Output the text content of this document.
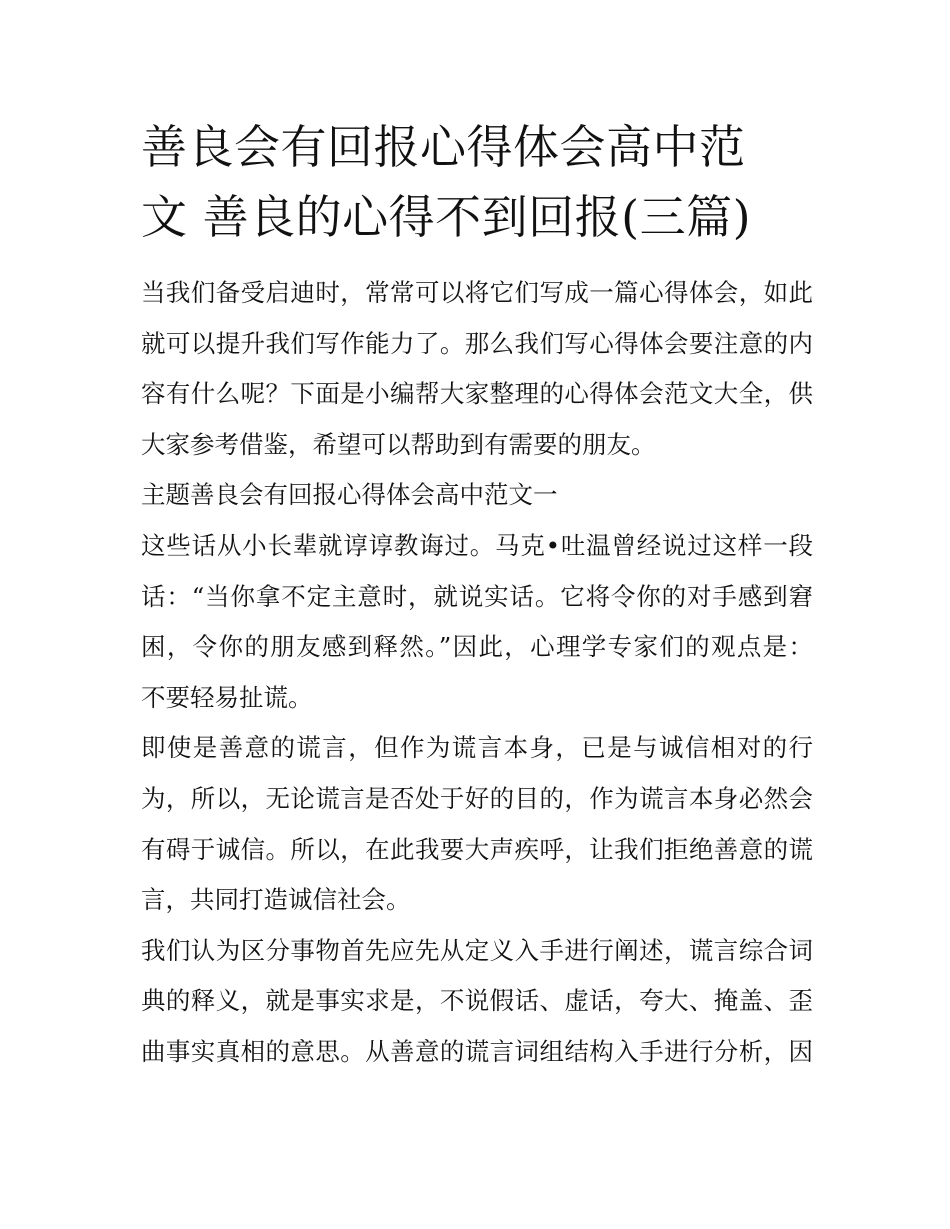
善良会有回报心得体会高中范
文 善良的心得不到回报(三篇)

当我们备受启迪时，常常可以将它们写成一篇心得体会，如此
就可以提升我们写作能力了。那么我们写心得体会要注意的内
容有什么呢？下面是小编帮大家整理的心得体会范文大全，供
大家参考借鉴，希望可以帮助到有需要的朋友。

主题善良会有回报心得体会高中范文一

这些话从小长辈就谆谆教诲过。马克•吐温曾经说过这样一段
话：“当你拿不定主意时，就说实话。它将令你的对手感到窘
困，令你的朋友感到释然。”因此，心理学专家们的观点是：
不要轻易扯谎。

即使是善意的谎言，但作为谎言本身，已是与诚信相对的行
为，所以，无论谎言是否处于好的目的，作为谎言本身必然会
有碍于诚信。所以，在此我要大声疾呼，让我们拒绝善意的谎
言，共同打造诚信社会。

我们认为区分事物首先应先从定义入手进行阐述，谎言综合词
典的释义，就是事实求是，不说假话、虚话，夸大、掩盖、歪
曲事实真相的意思。从善意的谎言词组结构入手进行分析，因
